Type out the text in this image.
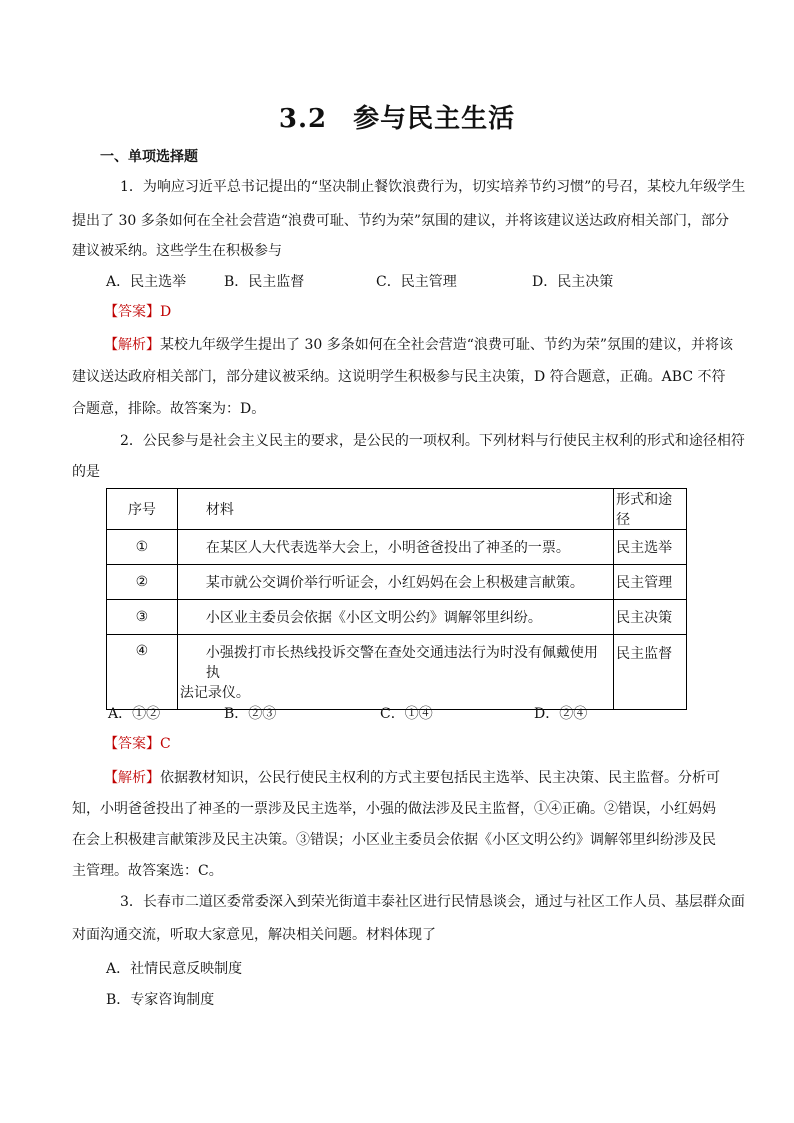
3.2 参与民主生活
一、单项选择题
1．为响应习近平总书记提出的“坚决制止餐饮浪费行为，切实培养节约习惯”的号召，某校九年级学生
提出了 30 多条如何在全社会营造“浪费可耻、节约为荣”氛围的建议，并将该建议送达政府相关部门，部分
建议被采纳。这些学生在积极参与
A．民主选举	B．民主监督	C．民主管理	D．民主决策
【答案】D
【解析】某校九年级学生提出了 30 多条如何在全社会营造“浪费可耻、节约为荣”氛围的建议，并将该
建议送达政府相关部门，部分建议被采纳。这说明学生积极参与民主决策，D 符合题意，正确。ABC 不符
合题意，排除。故答案为：D。
2．公民参与是社会主义民主的要求，是公民的一项权利。下列材料与行使民主权利的形式和途径相符
的是
序号	材料	形式和途径
①	在某区人大代表选举大会上，小明爸爸投出了神圣的一票。	民主选举
②	某市就公交调价举行听证会，小红妈妈在会上积极建言献策。	民主管理
③	小区业主委员会依据《小区文明公约》调解邻里纠纷。	民主决策
④	小强拨打市长热线投诉交警在查处交通违法行为时没有佩戴使用执
法记录仪。	民主监督
A．①②	B．②③	C．①④	D．②④
【答案】C
【解析】依据教材知识，公民行使民主权利的方式主要包括民主选举、民主决策、民主监督。分析可
知，小明爸爸投出了神圣的一票涉及民主选举，小强的做法涉及民主监督，①④正确。②错误，小红妈妈
在会上积极建言献策涉及民主决策。③错误；小区业主委员会依据《小区文明公约》调解邻里纠纷涉及民
主管理。故答案选：C。
3．长春市二道区委常委深入到荣光街道丰泰社区进行民情恳谈会，通过与社区工作人员、基层群众面
对面沟通交流，听取大家意见，解决相关问题。材料体现了
A．社情民意反映制度
B．专家咨询制度
